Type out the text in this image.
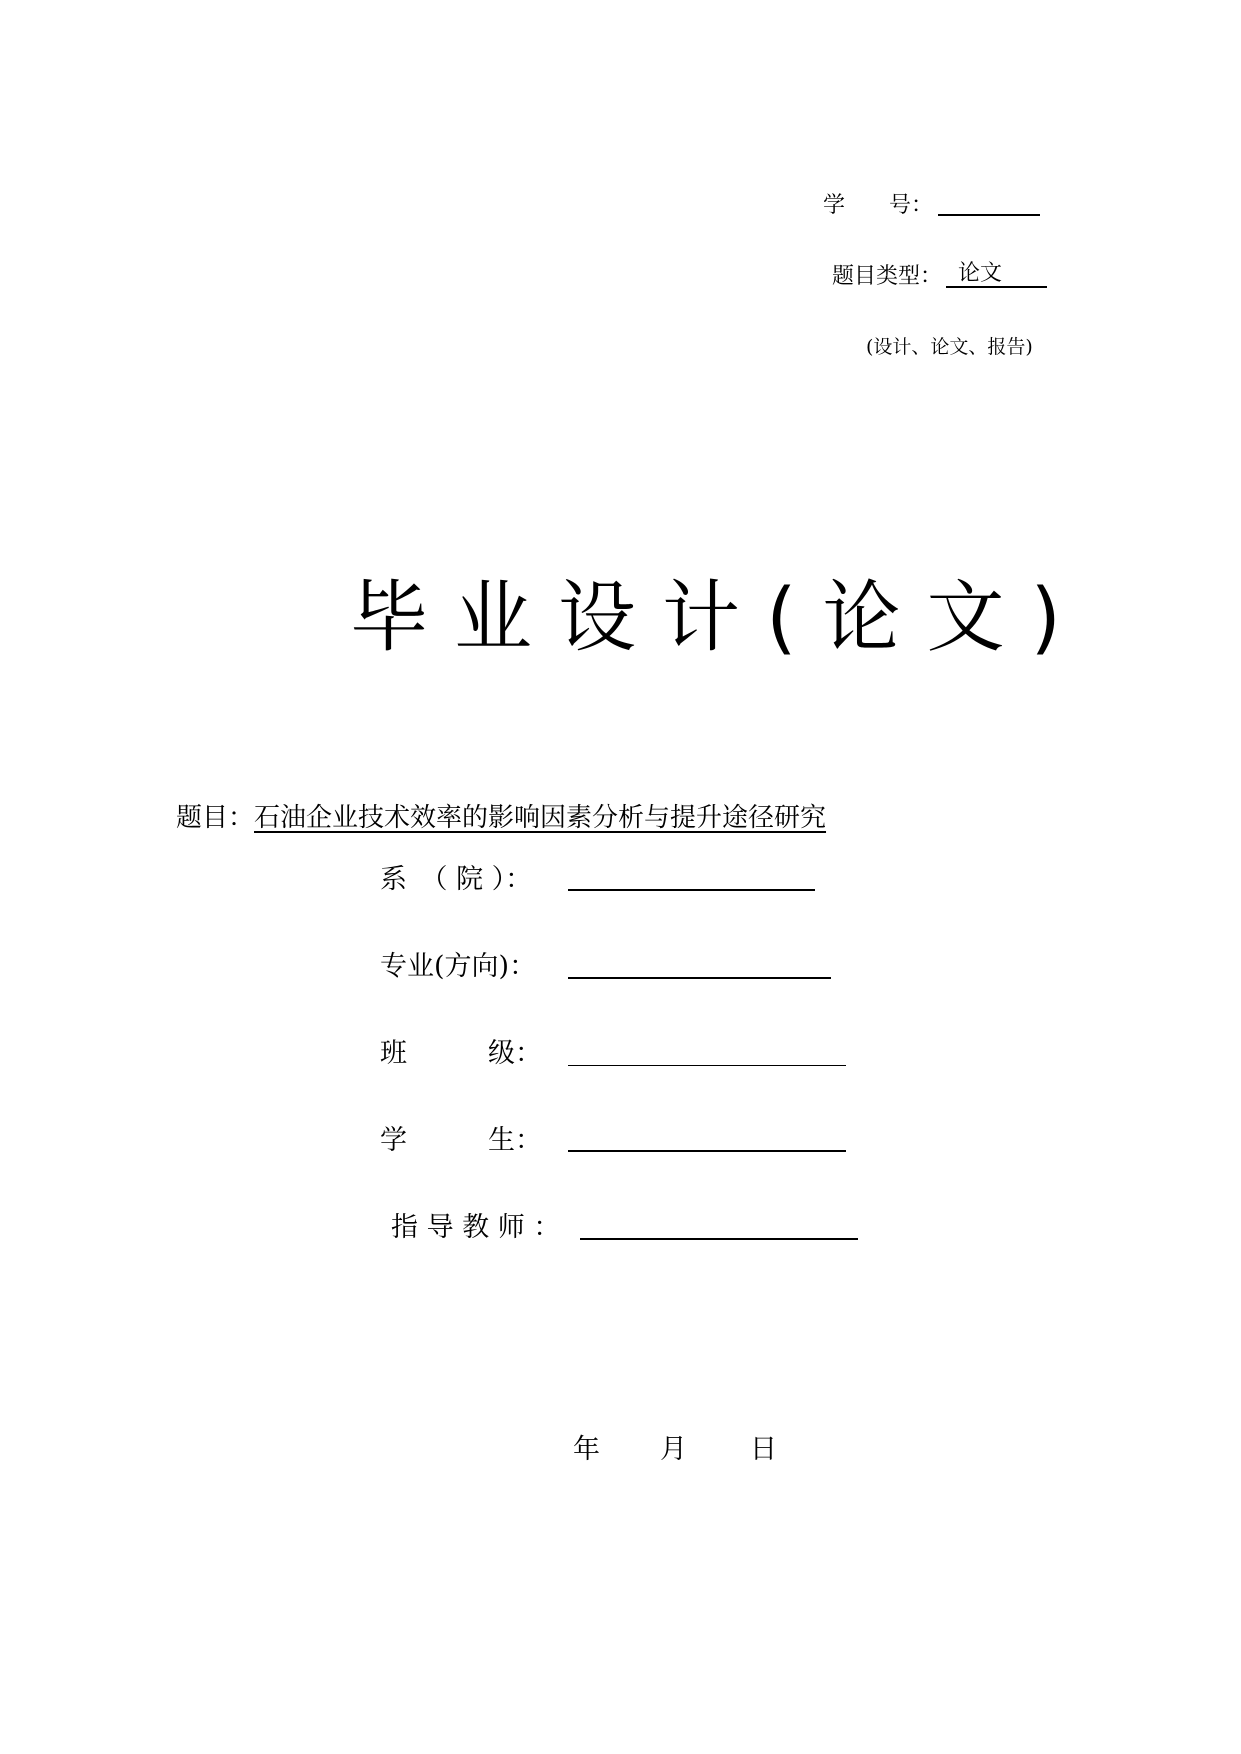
学　　号：
题目类型： 论文
(设计、论文、报告)
毕业设计(论文)
题目：石油企业技术效率的影响因素分析与提升途径研究
系　（ 院 ）：
专业(方向)：
班　　　级：
学　　　生：
指 导 教 师 ：
年 月 日
